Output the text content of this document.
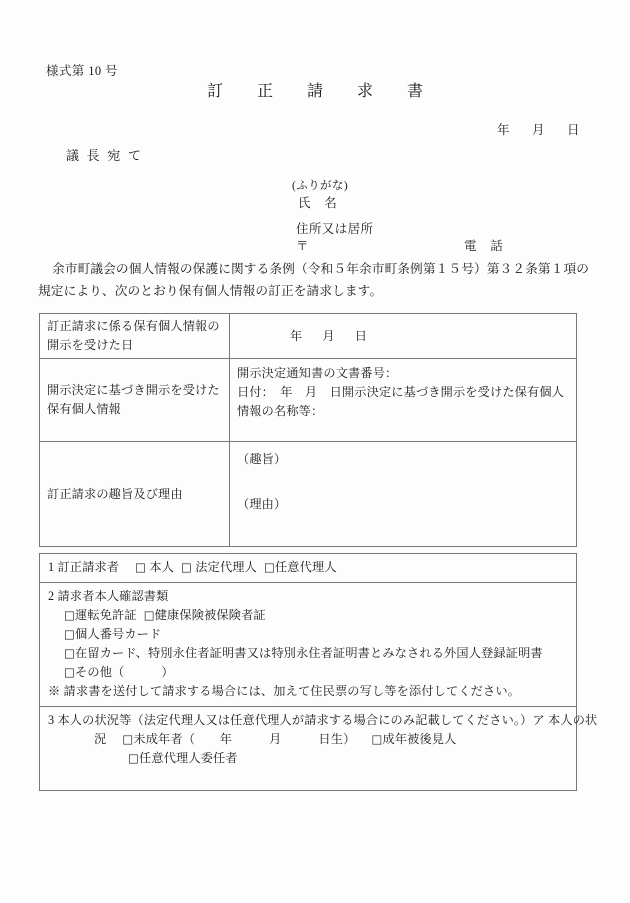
様式第 10 号
訂　正　請　求　書
年 月 日
議 長 宛 て
(ふりがな)
氏　名
住所又は居所
〒	電　話
余市町議会の個人情報の保護に関する条例（令和５年余市町条例第１５号）第３２条第１項の
規定により、次のとおり保有個人情報の訂正を請求します。
訂正請求に係る保有個人情報の開示を受けた日	年 月 日
開示決定に基づき開示を受けた保有個人情報	開示決定通知書の文書番号：
日付：　年　月　日開示決定に基づき開示を受けた保有個人情報の名称等：

訂正請求の趣旨及び理由	（趣旨）
（理由）
1 訂正請求者 □ 本人 □ 法定代理人 □任意代理人

2 請求者本人確認書類
□運転免許証 □健康保険被保険者証
□個人番号カード
□在留カード、特別永住者証明書又は特別永住者証明書とみなされる外国人登録証明書
□その他（　　　）
※ 請求書を送付して請求する場合には、加えて住民票の写し等を添付してください。

3 本人の状況等（法定代理人又は任意代理人が請求する場合にのみ記載してください。）ア 本人の状
況 □未成年者（　　年　　　月　　　日生） □成年被後見人
□任意代理人委任者
